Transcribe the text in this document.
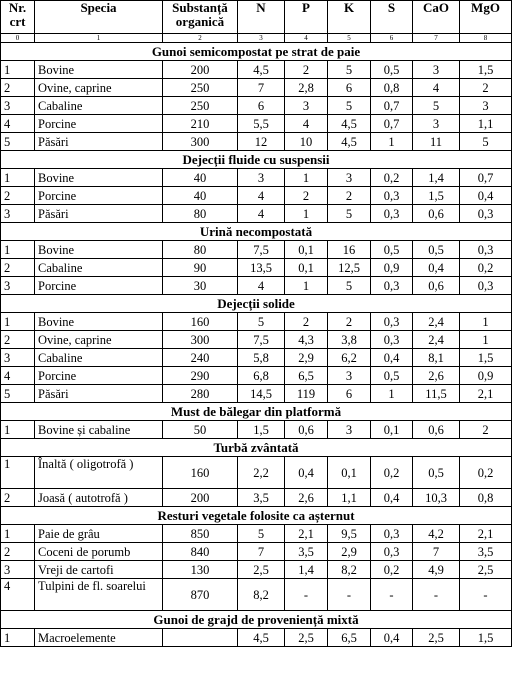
Nr. crt	Specia	Substanță organică	N	P	K	S	CaO	MgO
0	1	2	3	4	5	6	7	8
Gunoi semicompostat pe strat de paie								
1	Bovine	200	4,5	2	5	0,5	3	1,5
2	Ovine, caprine	250	7	2,8	6	0,8	4	2
3	Cabaline	250	6	3	5	0,7	5	3
4	Porcine	210	5,5	4	4,5	0,7	3	1,1
5	Păsări	300	12	10	4,5	1	11	5
Dejecții fluide cu suspensii								
1	Bovine	40	3	1	3	0,2	1,4	0,7
2	Porcine	40	4	2	2	0,3	1,5	0,4
3	Păsări	80	4	1	5	0,3	0,6	0,3
Urină necompostată								
1	Bovine	80	7,5	0,1	16	0,5	0,5	0,3
2	Cabaline	90	13,5	0,1	12,5	0,9	0,4	0,2
3	Porcine	30	4	1	5	0,3	0,6	0,3
Dejecții solide								
1	Bovine	160	5	2	2	0,3	2,4	1
2	Ovine, caprine	300	7,5	4,3	3,8	0,3	2,4	1
3	Cabaline	240	5,8	2,9	6,2	0,4	8,1	1,5
4	Porcine	290	6,8	6,5	3	0,5	2,6	0,9
5	Păsări	280	14,5	119	6	1	11,5	2,1
Must de bălegar din platformă								
1	Bovine și cabaline	50	1,5	0,6	3	0,1	0,6	2
Turbă zvântată								
1	Înaltă ( oligotrofă )	160	2,2	0,4	0,1	0,2	0,5	0,2
2	Joasă ( autotrofă )	200	3,5	2,6	1,1	0,4	10,3	0,8
Resturi vegetale folosite ca așternut								
1	Paie de grâu	850	5	2,1	9,5	0,3	4,2	2,1
2	Coceni de porumb	840	7	3,5	2,9	0,3	7	3,5
3	Vreji de cartofi	130	2,5	1,4	8,2	0,2	4,9	2,5
4	Tulpini de fl. soarelui	870	8,2	-	-	-	-	-
Gunoi de grajd de proveniență mixtă								
1	Macroelemente		4,5	2,5	6,5	0,4	2,5	1,5
